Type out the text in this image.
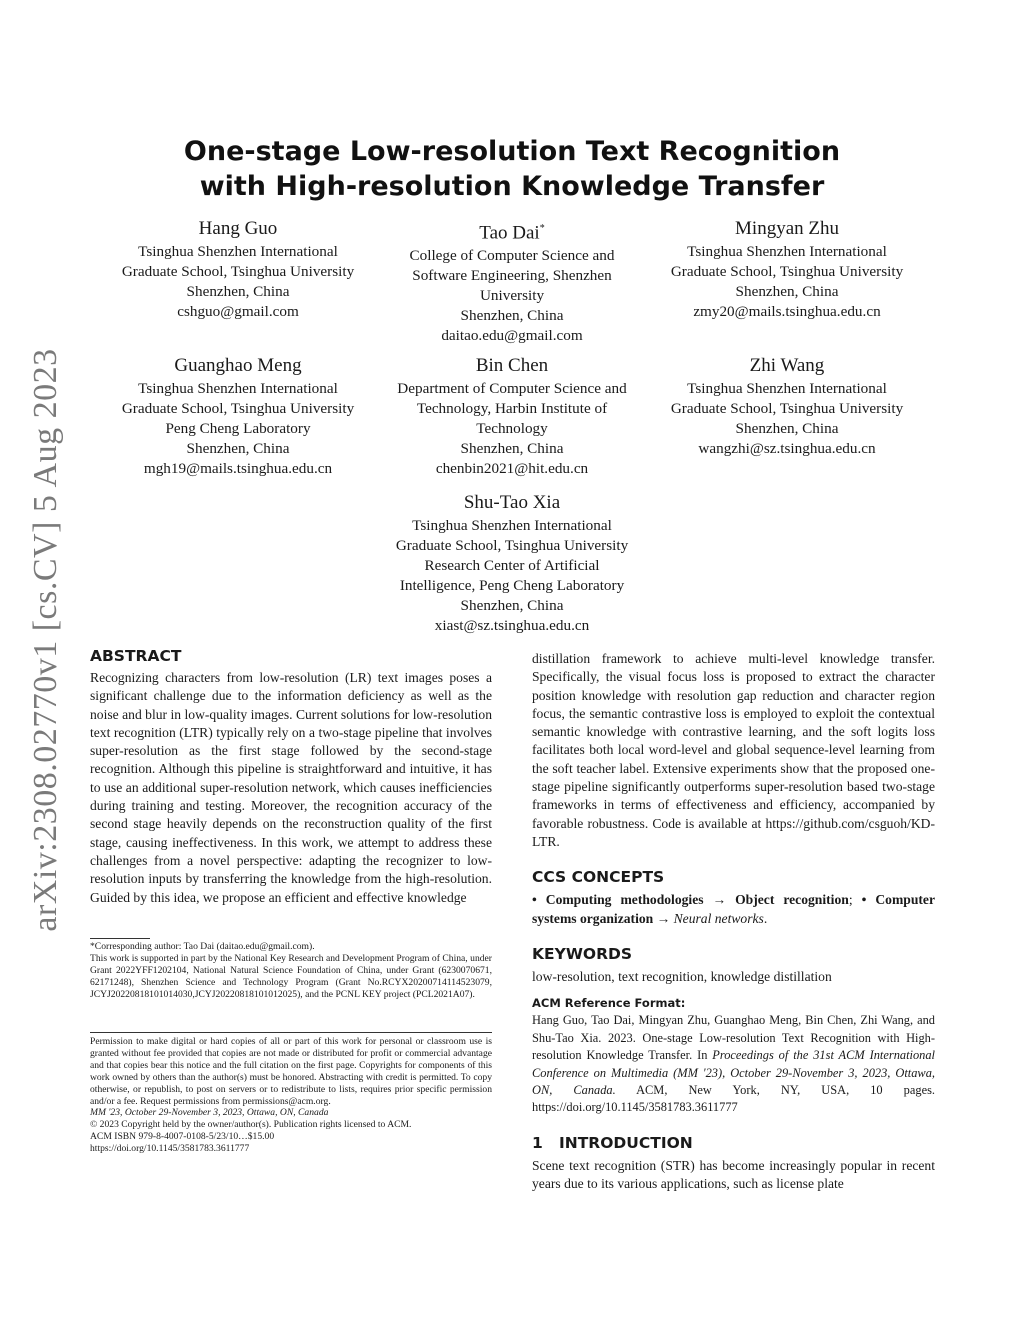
arXiv:2308.02770v1 [cs.CV] 5 Aug 2023
One-stage Low-resolution Text Recognition
with High-resolution Knowledge Transfer
Hang Guo
Tsinghua Shenzhen International
Graduate School, Tsinghua University
Shenzhen, China
cshguo@gmail.com
Tao Dai*
College of Computer Science and
Software Engineering, Shenzhen
University
Shenzhen, China
daitao.edu@gmail.com
Mingyan Zhu
Tsinghua Shenzhen International
Graduate School, Tsinghua University
Shenzhen, China
zmy20@mails.tsinghua.edu.cn
Guanghao Meng
Tsinghua Shenzhen International
Graduate School, Tsinghua University
Peng Cheng Laboratory
Shenzhen, China
mgh19@mails.tsinghua.edu.cn
Bin Chen
Department of Computer Science and
Technology, Harbin Institute of
Technology
Shenzhen, China
chenbin2021@hit.edu.cn
Zhi Wang
Tsinghua Shenzhen International
Graduate School, Tsinghua University
Shenzhen, China
wangzhi@sz.tsinghua.edu.cn
Shu-Tao Xia
Tsinghua Shenzhen International
Graduate School, Tsinghua University
Research Center of Artificial
Intelligence, Peng Cheng Laboratory
Shenzhen, China
xiast@sz.tsinghua.edu.cn
ABSTRACT

Recognizing characters from low-resolution (LR) text images poses a significant challenge due to the information deficiency as well as the noise and blur in low-quality images. Current solutions for low-resolution text recognition (LTR) typically rely on a two-stage pipeline that involves super-resolution as the first stage followed by the second-stage recognition. Although this pipeline is straightforward and intuitive, it has to use an additional super-resolution network, which causes inefficiencies during training and testing. Moreover, the recognition accuracy of the second stage heavily depends on the reconstruction quality of the first stage, causing ineffectiveness. In this work, we attempt to address these challenges from a novel perspective: adapting the recognizer to low-resolution inputs by transferring the knowledge from the high-resolution. Guided by this idea, we propose an efficient and effective knowledge

*Corresponding author: Tao Dai (daitao.edu@gmail.com).

This work is supported in part by the National Key Research and Development Program of China, under Grant 2022YFF1202104, National Natural Science Foundation of China, under Grant (6230070671, 62171248), Shenzhen Science and Technology Program (Grant No.RCYX20200714114523079, JCYJ20220818101014030,JCYJ20220818101012025), and the PCNL KEY project (PCL2021A07).

Permission to make digital or hard copies of all or part of this work for personal or classroom use is granted without fee provided that copies are not made or distributed for profit or commercial advantage and that copies bear this notice and the full citation on the first page. Copyrights for components of this work owned by others than the author(s) must be honored. Abstracting with credit is permitted. To copy otherwise, or republish, to post on servers or to redistribute to lists, requires prior specific permission and/or a fee. Request permissions from permissions@acm.org.

MM '23, October 29-November 3, 2023, Ottawa, ON, Canada

© 2023 Copyright held by the owner/author(s). Publication rights licensed to ACM.

ACM ISBN 979-8-4007-0108-5/23/10…$15.00

https://doi.org/10.1145/3581783.3611777

distillation framework to achieve multi-level knowledge transfer. Specifically, the visual focus loss is proposed to extract the character position knowledge with resolution gap reduction and character region focus, the semantic contrastive loss is employed to exploit the contextual semantic knowledge with contrastive learning, and the soft logits loss facilitates both local word-level and global sequence-level learning from the soft teacher label. Extensive experiments show that the proposed one-stage pipeline significantly outperforms super-resolution based two-stage frameworks in terms of effectiveness and efficiency, accompanied by favorable robustness. Code is available at https://github.com/csguoh/KD-LTR.

CCS CONCEPTS

• Computing methodologies → Object recognition; • Computer systems organization → Neural networks.

KEYWORDS

low-resolution, text recognition, knowledge distillation

ACM Reference Format:

Hang Guo, Tao Dai, Mingyan Zhu, Guanghao Meng, Bin Chen, Zhi Wang, and Shu-Tao Xia. 2023. One-stage Low-resolution Text Recognition with High-resolution Knowledge Transfer. In Proceedings of the 31st ACM International Conference on Multimedia (MM '23), October 29-November 3, 2023, Ottawa, ON, Canada. ACM, New York, NY, USA, 10 pages. https://doi.org/10.1145/3581783.3611777

1 INTRODUCTION

Scene text recognition (STR) has become increasingly popular in recent years due to its various applications, such as license plate
